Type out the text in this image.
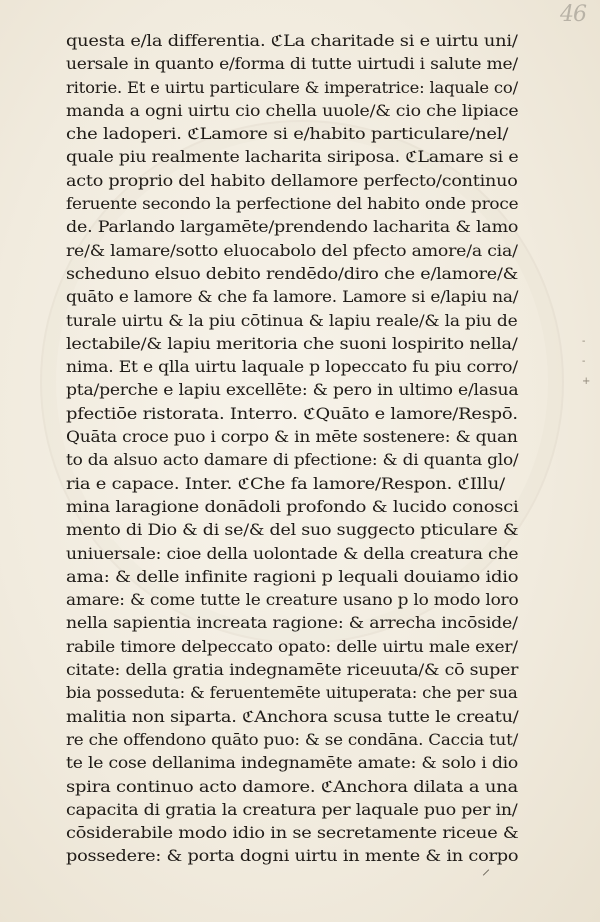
46
-
-
+
questa e/la differentia. ℭLa charitade si e uirtu uni/
uersale in quanto e/forma di tutte uirtudi i salute me/
ritorie. Et e uirtu particulare & imperatrice: laquale co/
manda a ogni uirtu cio chella uuole/& cio che lipiace
che ladoperi. ℭLamore si e/habito particulare/nel/
quale piu realmente lacharita siriposa. ℭLamare si e
acto proprio del habito dellamore perfecto/continuo
feruente secondo la perfectione del habito onde proce
de. Parlando largamēte/prendendo lacharita & lamo
re/& lamare/sotto eluocabolo del pfecto amore/a cia/
scheduno elsuo debito rendēdo/diro che e/lamore/&
quāto e lamore & che fa lamore. Lamore si e/lapiu na/
turale uirtu & la piu cōtinua & lapiu reale/& la piu de
lectabile/& lapiu meritoria che suoni lospirito nella/
nima. Et e qlla uirtu laquale p lopeccato fu piu corro/
pta/perche e lapiu excellēte: & pero in ultimo e/lasua
pfectiōe ristorata. Interro. ℭQuāto e lamore/Respō.
Quāta croce puo i corpo & in mēte sostenere: & quan
to da alsuo acto damare di pfectione: & di quanta glo/
ria e capace. Inter. ℭChe fa lamore/Respon. ℭIllu/
mina laragione donādoli profondo & lucido conosci
mento di Dio & di se/& del suo suggecto pticulare &
uniuersale: cioe della uolontade & della creatura che
ama: & delle infinite ragioni p lequali douiamo idio
amare: & come tutte le creature usano p lo modo loro
nella sapientia increata ragione: & arrecha incōside/
rabile timore delpeccato opato: delle uirtu male exer/
citate: della gratia indegnamēte riceuuta/& cō super
bia posseduta: & feruentemēte uituperata: che per sua
malitia non siparta. ℭAnchora scusa tutte le creatu/
re che offendono quāto puo: & se condāna. Caccia tut/
te le cose dellanima indegnamēte amate: & solo i dio
spira continuo acto damore. ℭAnchora dilata a una
capacita di gratia la creatura per laquale puo per in/
cōsiderabile modo idio in se secretamente riceue &
possedere: & porta dogni uirtu in mente & in corpo
